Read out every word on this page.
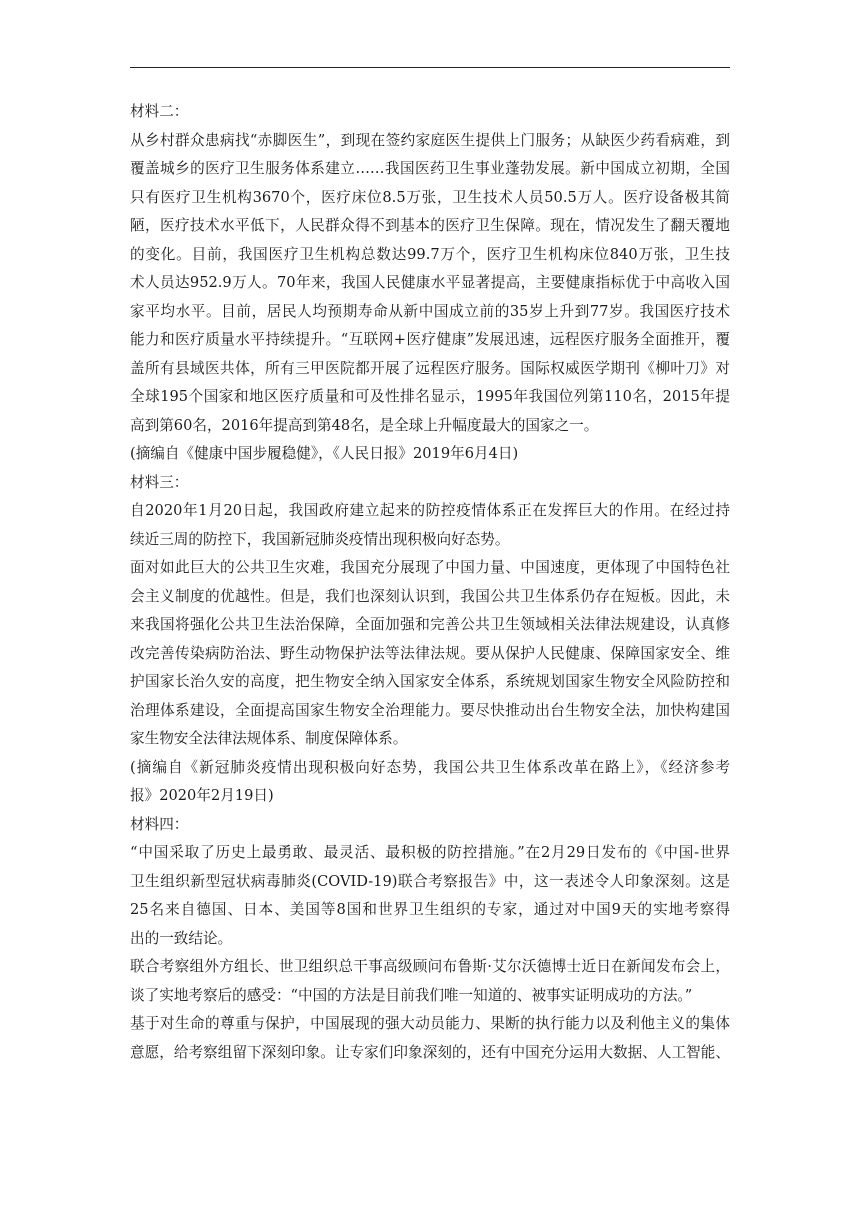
材料二：
从乡村群众患病找“赤脚医生”，到现在签约家庭医生提供上门服务；从缺医少药看病难，到
覆盖城乡的医疗卫生服务体系建立……我国医药卫生事业蓬勃发展。新中国成立初期，全国
只有医疗卫生机构3670个，医疗床位8.5万张，卫生技术人员50.5万人。医疗设备极其简
陋，医疗技术水平低下，人民群众得不到基本的医疗卫生保障。现在，情况发生了翻天覆地
的变化。目前，我国医疗卫生机构总数达99.7万个，医疗卫生机构床位840万张，卫生技
术人员达952.9万人。70年来，我国人民健康水平显著提高，主要健康指标优于中高收入国
家平均水平。目前，居民人均预期寿命从新中国成立前的35岁上升到77岁。我国医疗技术
能力和医疗质量水平持续提升。“互联网+医疗健康”发展迅速，远程医疗服务全面推开，覆
盖所有县域医共体，所有三甲医院都开展了远程医疗服务。国际权威医学期刊《柳叶刀》对
全球195个国家和地区医疗质量和可及性排名显示，1995年我国位列第110名，2015年提
高到第60名，2016年提高到第48名，是全球上升幅度最大的国家之一。
(摘编自《健康中国步履稳健》，《人民日报》2019年6月4日)
材料三：
自2020年1月20日起，我国政府建立起来的防控疫情体系正在发挥巨大的作用。在经过持
续近三周的防控下，我国新冠肺炎疫情出现积极向好态势。
面对如此巨大的公共卫生灾难，我国充分展现了中国力量、中国速度，更体现了中国特色社
会主义制度的优越性。但是，我们也深刻认识到，我国公共卫生体系仍存在短板。因此，未
来我国将强化公共卫生法治保障，全面加强和完善公共卫生领域相关法律法规建设，认真修
改完善传染病防治法、野生动物保护法等法律法规。要从保护人民健康、保障国家安全、维
护国家长治久安的高度，把生物安全纳入国家安全体系，系统规划国家生物安全风险防控和
治理体系建设，全面提高国家生物安全治理能力。要尽快推动出台生物安全法，加快构建国
家生物安全法律法规体系、制度保障体系。
(摘编自《新冠肺炎疫情出现积极向好态势，我国公共卫生体系改革在路上》，《经济参考
报》2020年2月19日)
材料四：
“中国采取了历史上最勇敢、最灵活、最积极的防控措施。”在2月29日发布的《中国-世界
卫生组织新型冠状病毒肺炎(COVID-19)联合考察报告》中，这一表述令人印象深刻。这是
25名来自德国、日本、美国等8国和世界卫生组织的专家，通过对中国9天的实地考察得
出的一致结论。
联合考察组外方组长、世卫组织总干事高级顾问布鲁斯·艾尔沃德博士近日在新闻发布会上，
谈了实地考察后的感受：“中国的方法是目前我们唯一知道的、被事实证明成功的方法。”
基于对生命的尊重与保护，中国展现的强大动员能力、果断的执行能力以及利他主义的集体
意愿，给考察组留下深刻印象。让专家们印象深刻的，还有中国充分运用大数据、人工智能、
